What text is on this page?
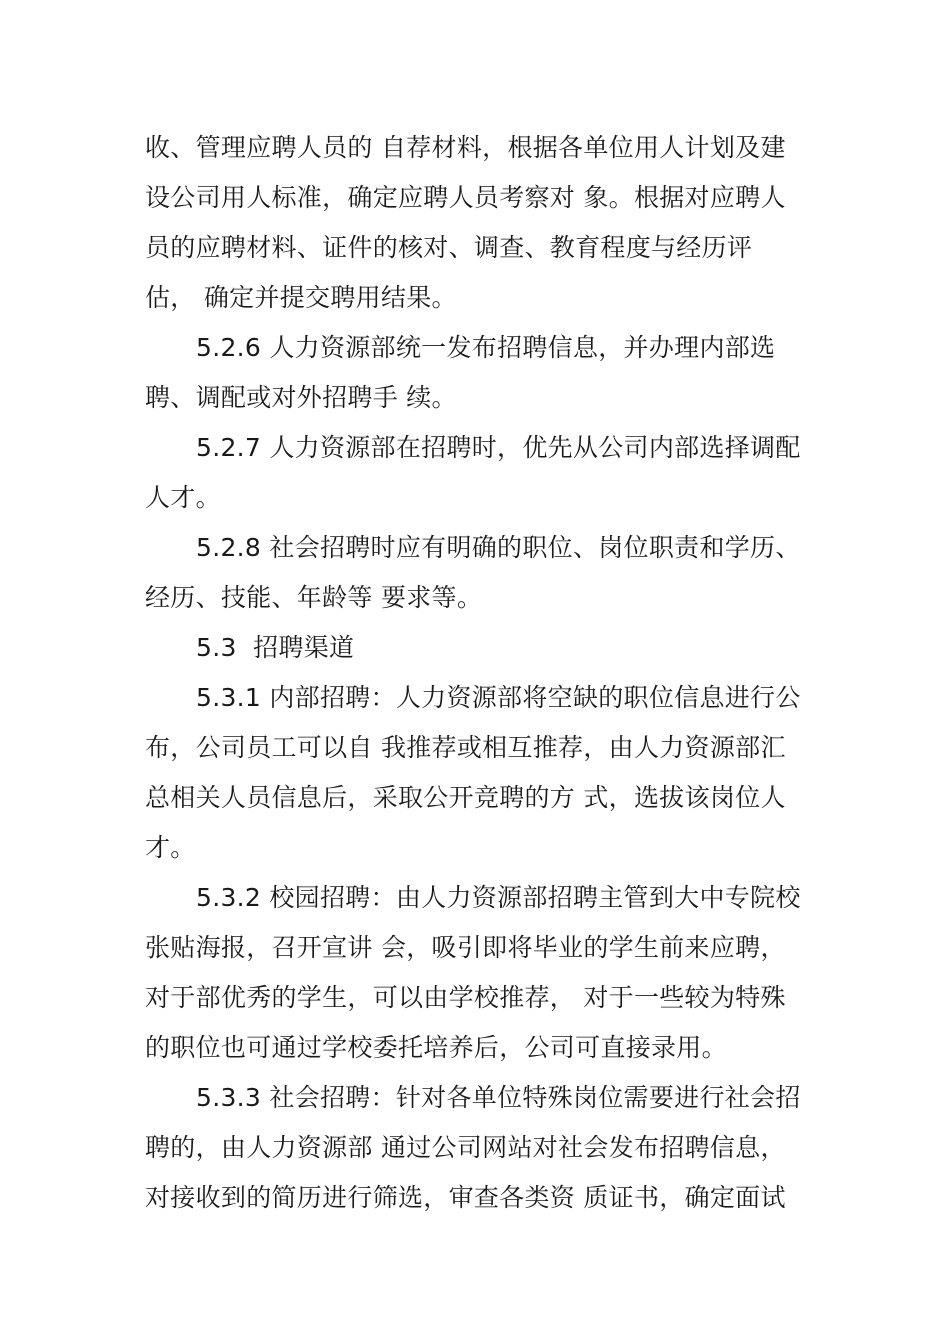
收、管理应聘人员的 自荐材料，根据各单位用人计划及建
设公司用人标准，确定应聘人员考察对 象。根据对应聘人
员的应聘材料、证件的核对、调查、教育程度与经历评
估， 确定并提交聘用结果。
5.2.6 人力资源部统一发布招聘信息，并办理内部选
聘、调配或对外招聘手 续。
5.2.7 人力资源部在招聘时，优先从公司内部选择调配
人才。
5.2.8 社会招聘时应有明确的职位、岗位职责和学历、
经历、技能、年龄等 要求等。
5.3  招聘渠道
5.3.1 内部招聘：人力资源部将空缺的职位信息进行公
布，公司员工可以自 我推荐或相互推荐，由人力资源部汇
总相关人员信息后，采取公开竞聘的方 式，选拔该岗位人
才。
5.3.2 校园招聘：由人力资源部招聘主管到大中专院校
张贴海报，召开宣讲 会，吸引即将毕业的学生前来应聘，
对于部优秀的学生，可以由学校推荐， 对于一些较为特殊
的职位也可通过学校委托培养后，公司可直接录用。
5.3.3 社会招聘：针对各单位特殊岗位需要进行社会招
聘的，由人力资源部 通过公司网站对社会发布招聘信息，
对接收到的简历进行筛选，审查各类资 质证书，确定面试
